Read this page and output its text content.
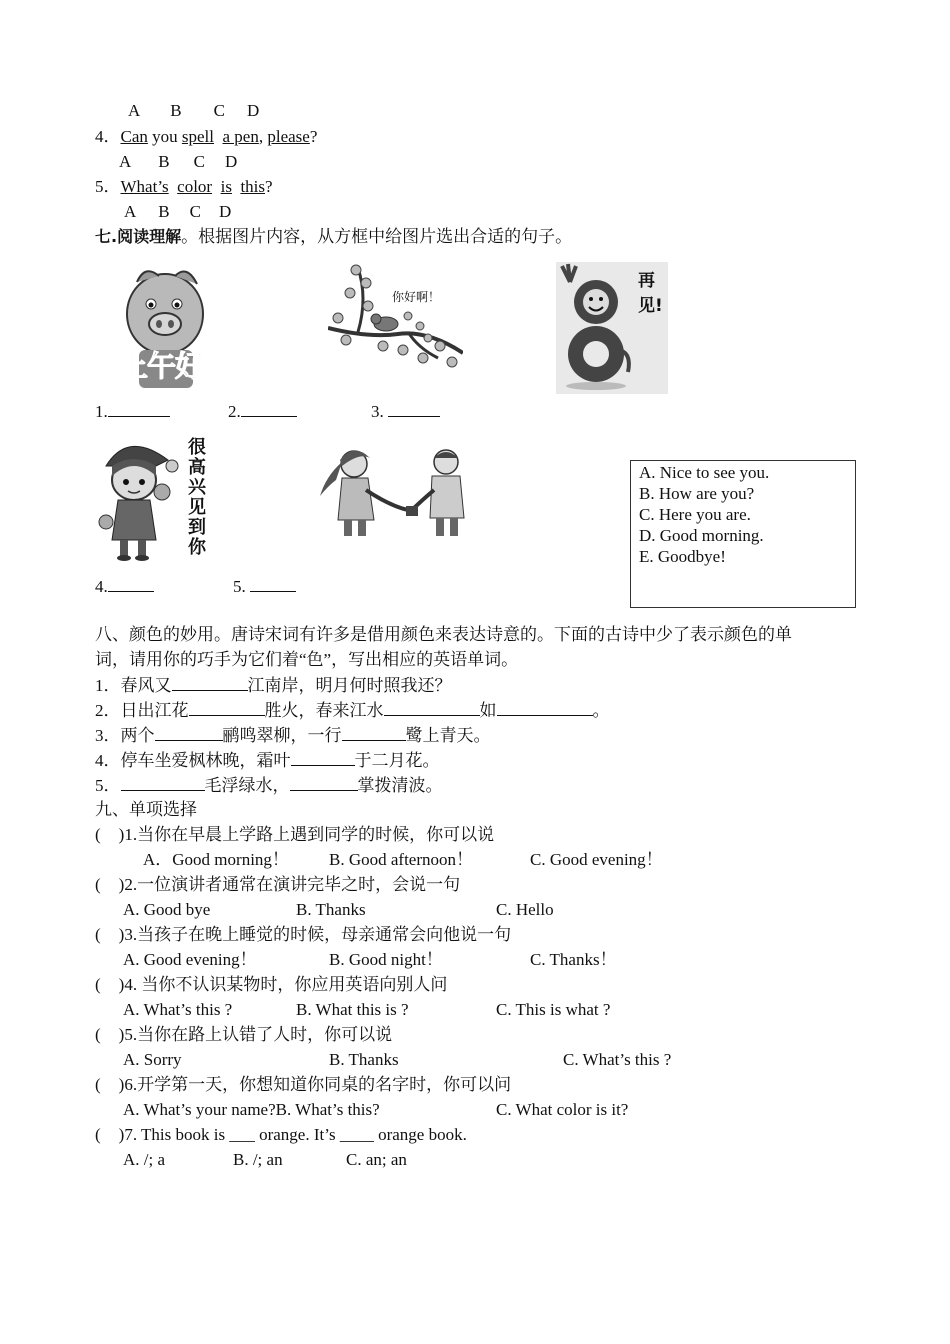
A B C D
4．Can you spell a pen, please?
A B C D
5．What’s color is this?
A B C D
七.阅读理解。根据图片内容，从方框中给图片选出合适的句子。
上午好
你好啊！
再见!
1.	2.	3.
很
高
兴
见
到
你
4.	5.
A. Nice to see you.
B. How are you?
C. Here you are.
D. Good morning.
E. Goodbye!
八、颜色的妙用。唐诗宋词有许多是借用颜色来表达诗意的。下面的古诗中少了表示颜色的单
词，请用你的巧手为它们着“色”，写出相应的英语单词。
1．春风又	江南岸，明月何时照我还？
2．日出江花	胜火，春来江水	如	。
3．两个	鹂鸣翠柳，一行	鹭上青天。
4．停车坐爱枫林晚，霜叶	于二月花。
5．	毛浮绿水，	掌拨清波。
九、单项选择
( )1.当你在早晨上学路上遇到同学的时候，你可以说
A．Good morning！ B. Good afternoon！	C. Good evening！
( )2.一位演讲者通常在演讲完毕之时，会说一句
A. Good bye	B. Thanks	C. Hello
( )3.当孩子在晚上睡觉的时候，母亲通常会向他说一句
A. Good evening！	B. Good night！	C. Thanks！
( )4. 当你不认识某物时，你应用英语向别人问
A. What’s this ?	B. What this is ?	C. This is what ?
( )5.当你在路上认错了人时，你可以说
A. Sorry	B. Thanks	C. What’s this ?
( )6.开学第一天，你想知道你同桌的名字时，你可以问
A. What’s your name?B. What’s this?	C. What color is it?
( )7. This book is ___ orange. It’s ____ orange book.
A. /; a	B. /; an	C. an; an
